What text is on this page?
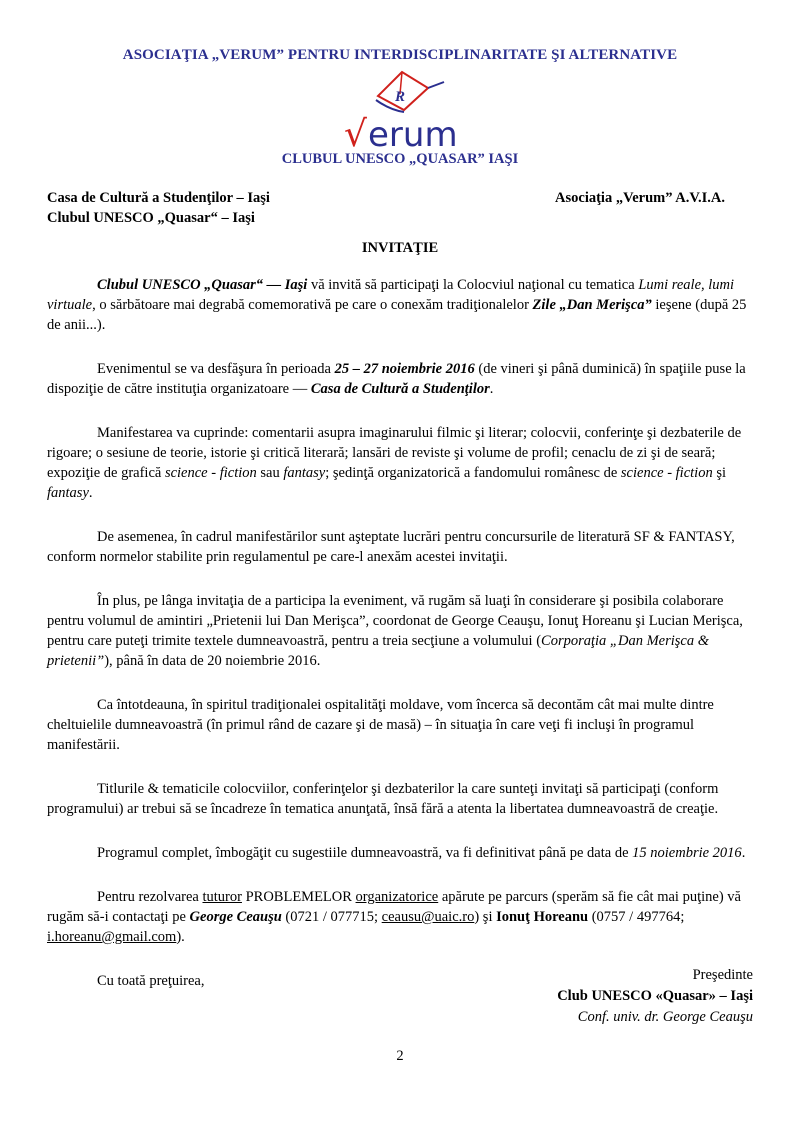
ASOCIAŢIA „VERUM” PENTRU INTERDISCIPLINARITATE ŞI ALTERNATIVE
R
√ erum
CLUBUL UNESCO „QUASAR” IAŞI
Casa de Cultură a Studenţilor – Iaşi
Clubul UNESCO „Quasar“ – Iaşi
Asociaţia „Verum” A.V.I.A.
INVITAŢIE

Clubul UNESCO „Quasar“ — Iaşi vă invită să participaţi la Colocviul naţional cu tematica Lumi reale, lumi virtuale, o sărbătoare mai degrabă comemorativă pe care o conexăm tradiţionalelor Zile „Dan Merişca” ieşene (după 25 de anii...).

Evenimentul se va desfăşura în perioada 25 – 27 noiembrie 2016 (de vineri şi până duminică) în spaţiile puse la dispoziţie de către instituţia organizatoare — Casa de Cultură a Studenţilor.

Manifestarea va cuprinde: comentarii asupra imaginarului filmic şi literar; colocvii, conferinţe şi dezbaterile de rigoare; o sesiune de teorie, istorie şi critică literară; lansări de reviste şi volume de profil; cenaclu de zi şi de seară; expoziţie de grafică science - fiction sau fantasy; şedinţă organizatorică a fandomului românesc de science - fiction şi fantasy.

De asemenea, în cadrul manifestărilor sunt aşteptate lucrări pentru concursurile de literatură SF & FANTASY, conform normelor stabilite prin regulamentul pe care-l anexăm acestei invitaţii.

În plus, pe lânga invitaţia de a participa la eveniment, vă rugăm să luaţi în considerare şi posibila colaborare pentru volumul de amintiri „Prietenii lui Dan Merişca”, coordonat de George Ceauşu, Ionuţ Horeanu şi Lucian Merişca, pentru care puteţi trimite textele dumneavoastră, pentru a treia secţiune a volumului (Corporaţia „Dan Merişca & prietenii”), până în data de 20 noiembrie 2016.

Ca întotdeauna, în spiritul tradiţionalei ospitalităţi moldave, vom încerca să decontăm cât mai multe dintre cheltuielile dumneavoastră (în primul rând de cazare şi de masă) – în situaţia în care veţi fi incluşi în programul manifestării.

Titlurile & tematicile colocviilor, conferinţelor şi dezbaterilor la care sunteţi invitaţi să participaţi (conform programului) ar trebui să se încadreze în tematica anunţată, însă fără a atenta la libertatea dumneavoastră de creaţie.

Programul complet, îmbogăţit cu sugestiile dumneavoastră, va fi definitivat până pe data de 15 noiembrie 2016.

Pentru rezolvarea tuturor PROBLEMELOR organizatorice apărute pe parcurs (sperăm să fie cât mai puţine) vă rugăm să-i contactaţi pe George Ceauşu (0721 / 077715; ceausu@uaic.ro) şi Ionuţ Horeanu (0757 / 497764; i.horeanu@gmail.com).

Cu toată preţuirea,	Preşedinte
Club UNESCO «Quasar» – Iaşi
Conf. univ. dr. George Ceauşu
2
